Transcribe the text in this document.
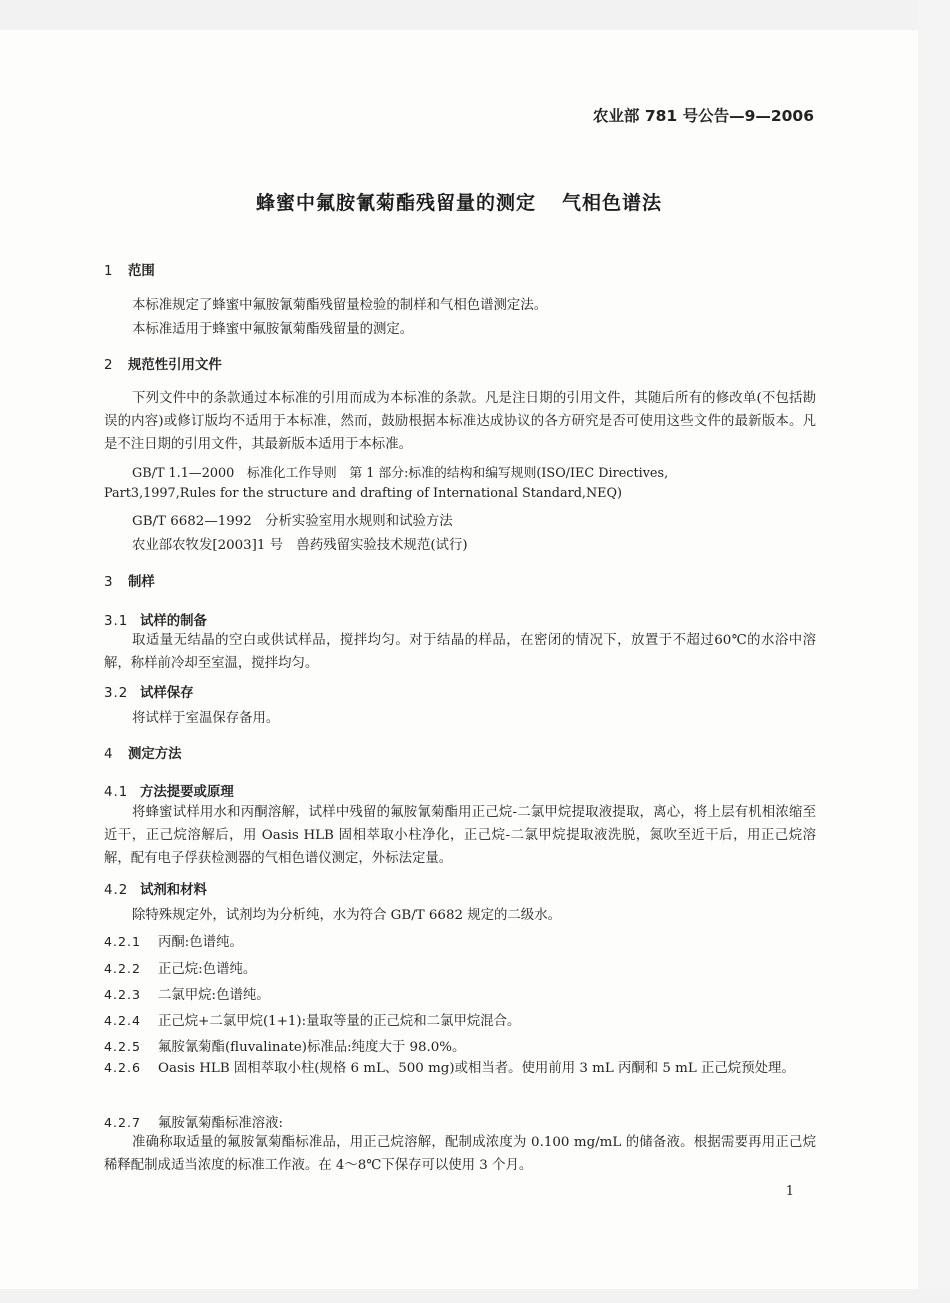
农业部 781 号公告—9—2006
蜂蜜中氟胺氰菊酯残留量的测定 气相色谱法
1 范围
本标准规定了蜂蜜中氟胺氰菊酯残留量检验的制样和气相色谱测定法。
本标准适用于蜂蜜中氟胺氰菊酯残留量的测定。
2 规范性引用文件
下列文件中的条款通过本标准的引用而成为本标准的条款。凡是注日期的引用文件，其随后所有的修改单(不包括勘误的内容)或修订版均不适用于本标准，然而，鼓励根据本标准达成协议的各方研究是否可使用这些文件的最新版本。凡是不注日期的引用文件，其最新版本适用于本标准。
GB/T 1.1—2000　标准化工作导则　第 1 部分:标准的结构和编写规则(ISO/IEC Directives,
Part3,1997,Rules for the structure and drafting of International Standard,NEQ)
GB/T 6682—1992　分析实验室用水规则和试验方法
农业部农牧发[2003]1 号　兽药残留实验技术规范(试行)
3 制样
3.1 试样的制备
取适量无结晶的空白或供试样品，搅拌均匀。对于结晶的样品，在密闭的情况下，放置于不超过60℃的水浴中溶解，称样前冷却至室温，搅拌均匀。
3.2 试样保存
将试样于室温保存备用。
4 测定方法
4.1 方法提要或原理
将蜂蜜试样用水和丙酮溶解，试样中残留的氟胺氰菊酯用正己烷-二氯甲烷提取液提取，离心，将上层有机相浓缩至近干，正己烷溶解后，用 Oasis HLB 固相萃取小柱净化，正己烷-二氯甲烷提取液洗脱，氮吹至近干后，用正己烷溶解，配有电子俘获检测器的气相色谱仪测定，外标法定量。
4.2 试剂和材料
除特殊规定外，试剂均为分析纯，水为符合 GB/T 6682 规定的二级水。
4.2.1 丙酮:色谱纯。
4.2.2 正己烷:色谱纯。
4.2.3 二氯甲烷:色谱纯。
4.2.4 正己烷+二氯甲烷(1+1):量取等量的正己烷和二氯甲烷混合。
4.2.5 氟胺氰菊酯(fluvalinate)标准品:纯度大于 98.0%。
4.2.6 Oasis HLB 固相萃取小柱(规格 6 mL、500 mg)或相当者。使用前用 3 mL 丙酮和 5 mL 正己烷预处理。
4.2.7 氟胺氰菊酯标准溶液:
准确称取适量的氟胺氰菊酯标准品，用正己烷溶解，配制成浓度为 0.100 mg/mL 的储备液。根据需要再用正己烷稀释配制成适当浓度的标准工作液。在 4～8℃下保存可以使用 3 个月。
1
